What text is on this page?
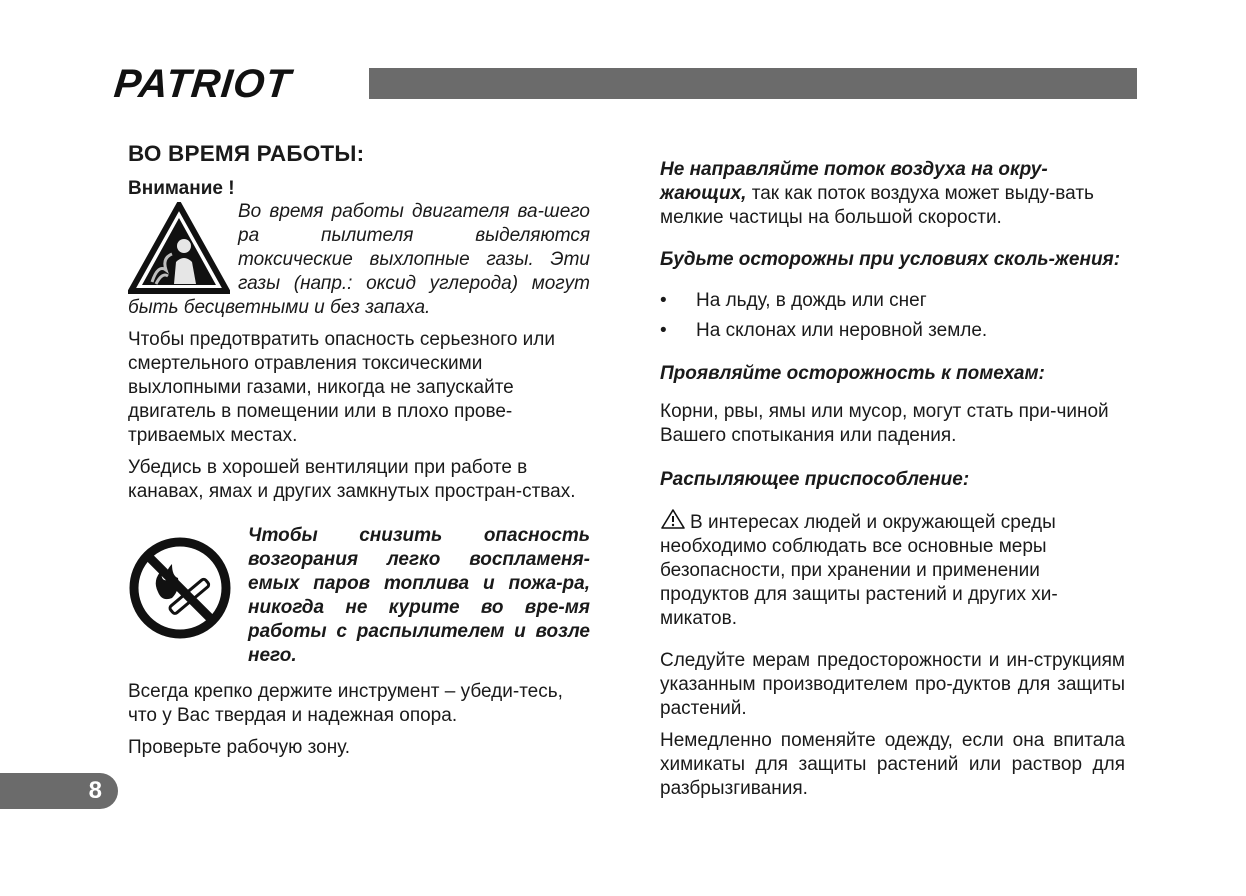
PATRIOT
ВО ВРЕМЯ РАБОТЫ:
Внимание !

Во время работы двигателя ва-шего ра пылителя выделяются токсические выхлопные газы. Эти газы (напр.: оксид углерода) могут быть бесцветными и без запаха.

Чтобы предотвратить опасность серьезного или смертельного отравления токсическими выхлопными газами, никогда не запускайте двигатель в помещении или в плохо прове-триваемых местах.

Убедись в хорошей вентиляции при работе в канавах, ямах и других замкнутых простран-ствах.

Чтобы снизить опасность возгорания легко воспламеня-емых паров топлива и пожа-ра, никогда не курите во вре-мя работы с распылителем и возле него.

Всегда крепко держите инструмент – убеди-тесь, что у Вас твердая и надежная опора.

Проверьте рабочую зону.

Не направляйте поток воздуха на окру-жающих, так как поток воздуха может выду-вать мелкие частицы на большой скорости.

Будьте осторожны при условиях сколь-жения:
• На льду, в дождь или снег
• На склонах или неровной земле.
Проявляйте осторожность к помехам:

Корни, рвы, ямы или мусор, могут стать при-чиной Вашего спотыкания или падения.

Распыляющее приспособление:

В интересах людей и окружающей среды необходимо соблюдать все основные меры безопасности, при хранении и применении продуктов для защиты растений и других хи-микатов.

Следуйте мерам предосторожности и ин-струкциям указанным производителем про-дуктов для защиты растений.

Немедленно поменяйте одежду, если она впитала химикаты для защиты растений или раствор для разбрызгивания.

8
